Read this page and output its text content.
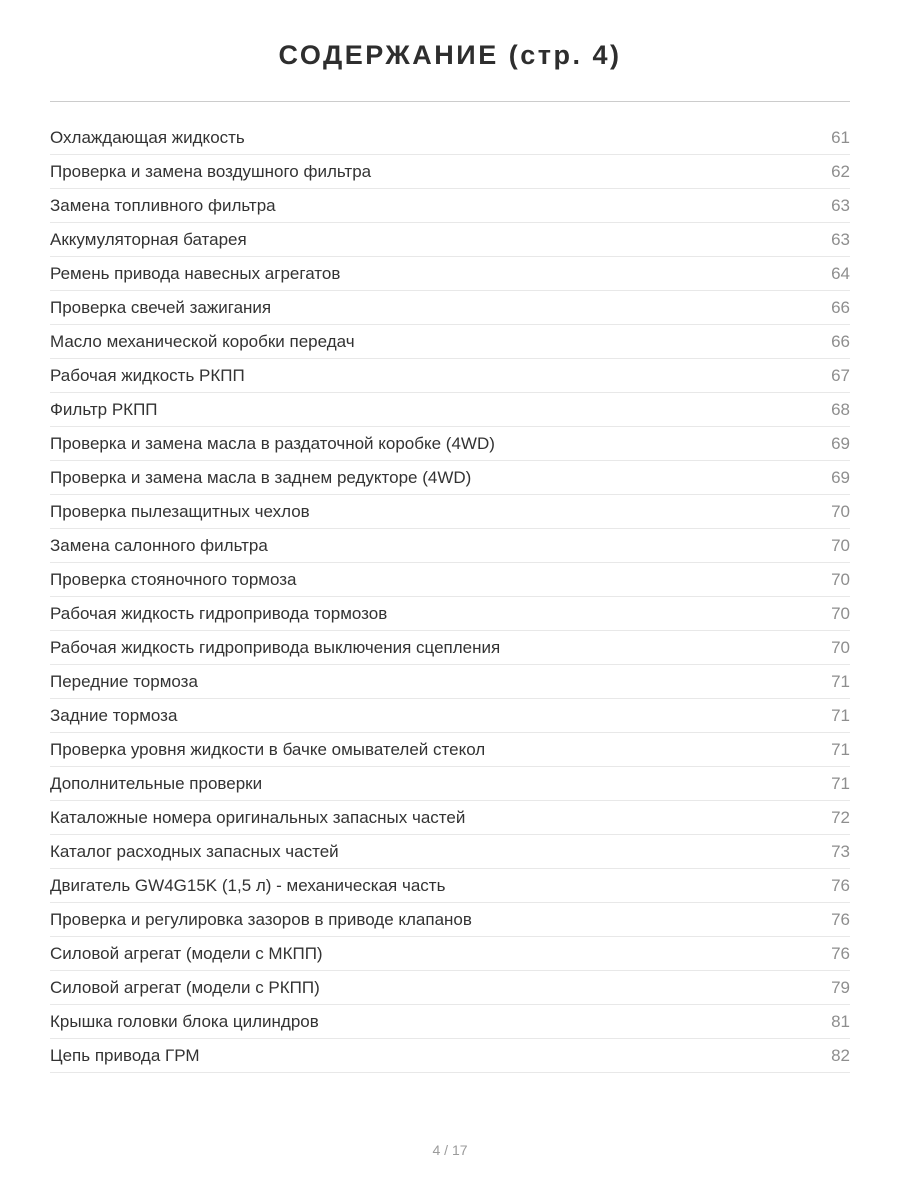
СОДЕРЖАНИЕ (стр. 4)
Охлаждающая жидкость	61
Проверка и замена воздушного фильтра	62
Замена топливного фильтра	63
Аккумуляторная батарея	63
Ремень привода навесных агрегатов	64
Проверка свечей зажигания	66
Масло механической коробки передач	66
Рабочая жидкость РКПП	67
Фильтр РКПП	68
Проверка и замена масла в раздаточной коробке (4WD)	69
Проверка и замена масла в заднем редукторе (4WD)	69
Проверка пылезащитных чехлов	70
Замена салонного фильтра	70
Проверка стояночного тормоза	70
Рабочая жидкость гидропривода тормозов	70
Рабочая жидкость гидропривода выключения сцепления	70
Передние тормоза	71
Задние тормоза	71
Проверка уровня жидкости в бачке омывателей стекол	71
Дополнительные проверки	71
Каталожные номера оригинальных запасных частей	72
Каталог расходных запасных частей	73
Двигатель GW4G15K (1,5 л) - механическая часть	76
Проверка и регулировка зазоров в приводе клапанов	76
Силовой агрегат (модели с МКПП)	76
Силовой агрегат (модели с РКПП)	79
Крышка головки блока цилиндров	81
Цепь привода ГРМ	82
4 / 17
